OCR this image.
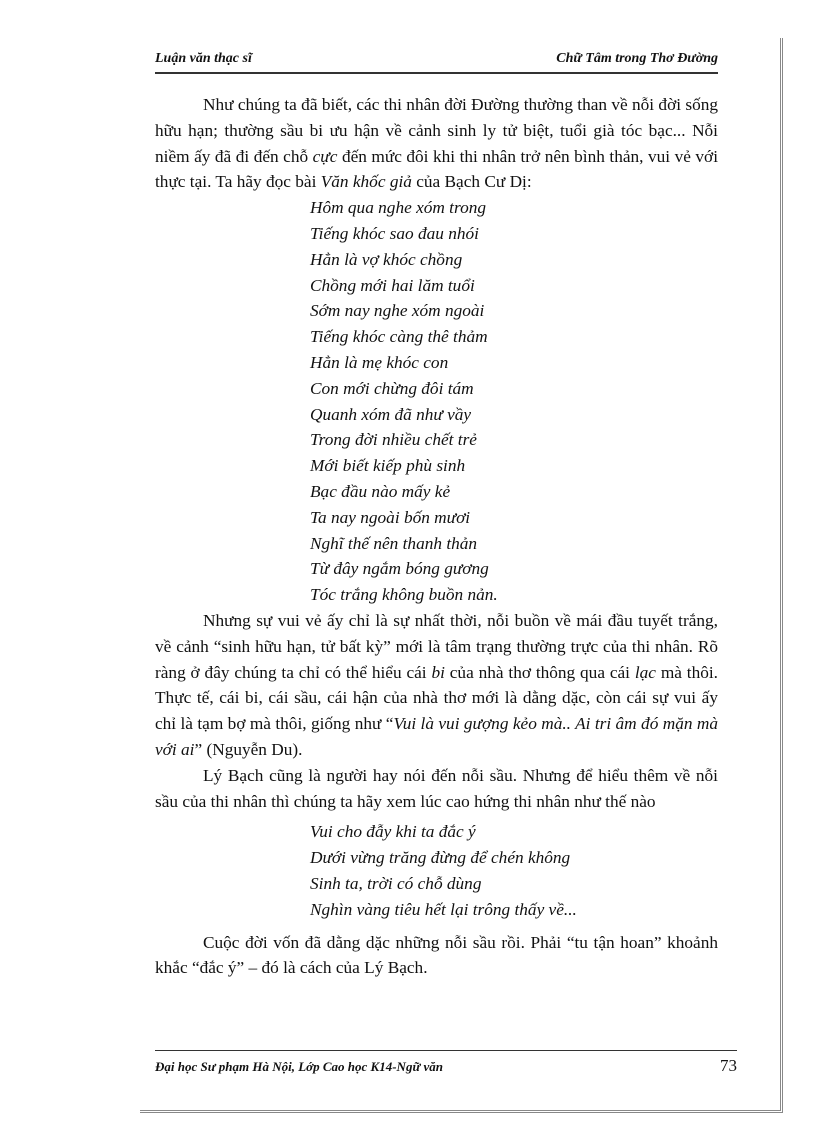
Luận văn thạc sĩ	Chữ Tâm trong Thơ Đường

Như chúng ta đã biết, các thi nhân đời Đường thường than về nỗi đời sống hữu hạn; thường sầu bi ưu hận về cảnh sinh ly tử biệt, tuổi già tóc bạc... Nỗi niềm ấy đã đi đến chỗ cực đến mức đôi khi thi nhân trở nên bình thản, vui vẻ với thực tại. Ta hãy đọc bài Văn khốc giả của Bạch Cư Dị:

Hôm qua nghe xóm trong
Tiếng khóc sao đau nhói
Hẳn là vợ khóc chồng
Chồng mới hai lăm tuổi
Sớm nay nghe xóm ngoài
Tiếng khóc càng thê thảm
Hẳn là mẹ khóc con
Con mới chừng đôi tám
Quanh xóm đã như vầy
Trong đời nhiều chết trẻ
Mới biết kiếp phù sinh
Bạc đầu nào mấy kẻ
Ta nay ngoài bốn mươi
Nghĩ thế nên thanh thản
Từ đây ngắm bóng gương
Tóc trắng không buồn nản.

Nhưng sự vui vẻ ấy chỉ là sự nhất thời, nỗi buồn về mái đầu tuyết trắng, về cảnh “sinh hữu hạn, tử bất kỳ” mới là tâm trạng thường trực của thi nhân. Rõ ràng ở đây chúng ta chỉ có thể hiểu cái bi của nhà thơ thông qua cái lạc mà thôi. Thực tế, cái bi, cái sầu, cái hận của nhà thơ mới là dằng dặc, còn cái sự vui ấy chỉ là tạm bợ mà thôi, giống như “Vui là vui gượng kẻo mà.. Ai tri âm đó mặn mà với ai” (Nguyễn Du).

Lý Bạch cũng là người hay nói đến nỗi sầu. Nhưng để hiểu thêm về nỗi sầu của thi nhân thì chúng ta hãy xem lúc cao hứng thi nhân như thế nào

Vui cho đẫy khi ta đắc ý
Dưới vừng trăng đừng để chén không
Sinh ta, trời có chỗ dùng
Nghìn vàng tiêu hết lại trông thấy về...

Cuộc đời vốn đã dằng dặc những nỗi sầu rồi. Phải “tu tận hoan” khoảnh khắc “đắc ý” – đó là cách của Lý Bạch.

Đại học Sư phạm Hà Nội, Lớp Cao học K14-Ngữ văn	73
